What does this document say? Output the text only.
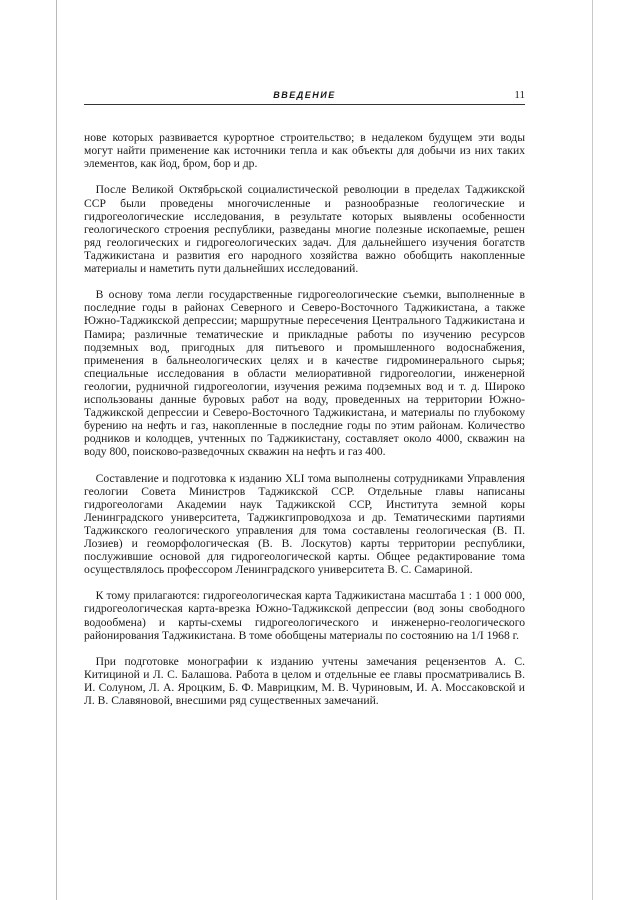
ВВЕДЕНИЕ	11

нове которых развивается курортное строительство; в недалеком будущем эти воды могут найти применение как источники тепла и как объекты для добычи из них таких элементов, как йод, бром, бор и др.

 После Великой Октябрьской социалистической революции в пределах Таджикской ССР были проведены многочисленные и разнообразные геологические и гидрогеологические исследования, в результате которых выявлены особенности геологического строения республики, разведаны многие полезные ископаемые, решен ряд геологических и гидрогеологических задач. Для дальнейшего изучения богатств Таджикистана и развития его народного хозяйства важно обобщить накопленные материалы и наметить пути дальнейших исследований.

 В основу тома легли государственные гидрогеологические съемки, выполненные в последние годы в районах Северного и Северо-Восточного Таджикистана, а также Южно-Таджикской депрессии; маршрутные пересечения Центрального Таджикистана и Памира; различные тематические и прикладные работы по изучению ресурсов подземных вод, пригодных для питьевого и промышленного водоснабжения, применения в бальнеологических целях и в качестве гидроминерального сырья; специальные исследования в области мелиоративной гидрогеологии, инженерной геологии, рудничной гидрогеологии, изучения режима подземных вод и т. д. Широко использованы данные буровых работ на воду, проведенных на территории Южно-Таджикской депрессии и Северо-Восточного Таджикистана, и материалы по глубокому бурению на нефть и газ, накопленные в последние годы по этим районам. Количество родников и колодцев, учтенных по Таджикистану, составляет около 4000, скважин на воду 800, поисково-разведочных скважин на нефть и газ 400.

 Составление и подготовка к изданию XLI тома выполнены сотрудниками Управления геологии Совета Министров Таджикской ССР. Отдельные главы написаны гидрогеологами Академии наук Таджикской ССР, Института земной коры Ленинградского университета, Таджикгипроводхоза и др. Тематическими партиями Таджикского геологического управления для тома составлены геологическая (В. П. Лозиев) и геоморфологическая (В. В. Лоскутов) карты территории республики, послужившие основой для гидрогеологической карты. Общее редактирование тома осуществлялось профессором Ленинградского университета В. С. Самариной.

 К тому прилагаются: гидрогеологическая карта Таджикистана масштаба 1 : 1 000 000, гидрогеологическая карта-врезка Южно-Таджикской депрессии (вод зоны свободного водообмена) и карты-схемы гидрогеологического и инженерно-геологического районирования Таджикистана. В томе обобщены материалы по состоянию на 1/I 1968 г.

 При подготовке монографии к изданию учтены замечания рецензентов А. С. Китициной и Л. С. Балашова. Работа в целом и отдельные ее главы просматривались В. И. Солуном, Л. А. Яроцким, Б. Ф. Маврицким, М. В. Чуриновым, И. А. Моссаковской и Л. В. Славяновой, внесшими ряд существенных замечаний.
